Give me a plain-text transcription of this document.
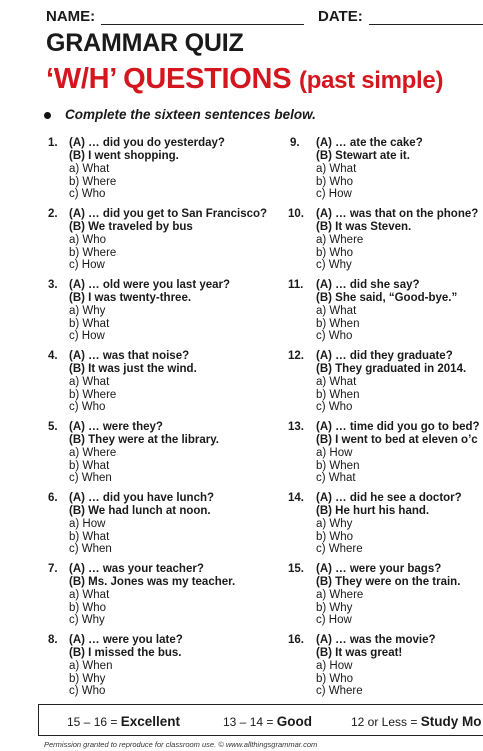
NAME:	DATE:
GRAMMAR QUIZ
‘W/H’ QUESTIONS (past simple)
Complete the sixteen sentences below.
1. (A) … did you do yesterday?
(B) I went shopping.
a) What
b) Where
c) Who
2. (A) … did you get to San Francisco?
(B) We traveled by bus
a) Who
b) Where
c) How
3. (A) … old were you last year?
(B) I was twenty-three.
a) Why
b) What
c) How
4. (A) … was that noise?
(B) It was just the wind.
a) What
b) Where
c) Who
5. (A) … were they?
(B) They were at the library.
a) Where
b) What
c) When
6. (A) … did you have lunch?
(B) We had lunch at noon.
a) How
b) What
c) When
7. (A) … was your teacher?
(B) Ms. Jones was my teacher.
a) What
b) Who
c) Why
8. (A) … were you late?
(B) I missed the bus.
a) When
b) Why
c) Who
9. (A) … ate the cake?
(B) Stewart ate it.
a) What
b) Who
c) How
10. (A) … was that on the phone?
(B) It was Steven.
a) Where
b) Who
c) Why
11. (A) … did she say?
(B) She said, “Good-bye.”
a) What
b) When
c) Who
12. (A) … did they graduate?
(B) They graduated in 2014.
a) What
b) When
c) Who
13. (A) … time did you go to bed?
(B) I went to bed at eleven o’c
a) How
b) When
c) What
14. (A) … did he see a doctor?
(B) He hurt his hand.
a) Why
b) Who
c) Where
15. (A) … were your bags?
(B) They were on the train.
a) Where
b) Why
c) How
16. (A) … was the movie?
(B) It was great!
a) How
b) Who
c) Where
15 – 16 = Excellent	13 – 14 = Good	12 or Less = Study Mo
Permission granted to reproduce for classroom use. © www.allthingsgrammar.com
